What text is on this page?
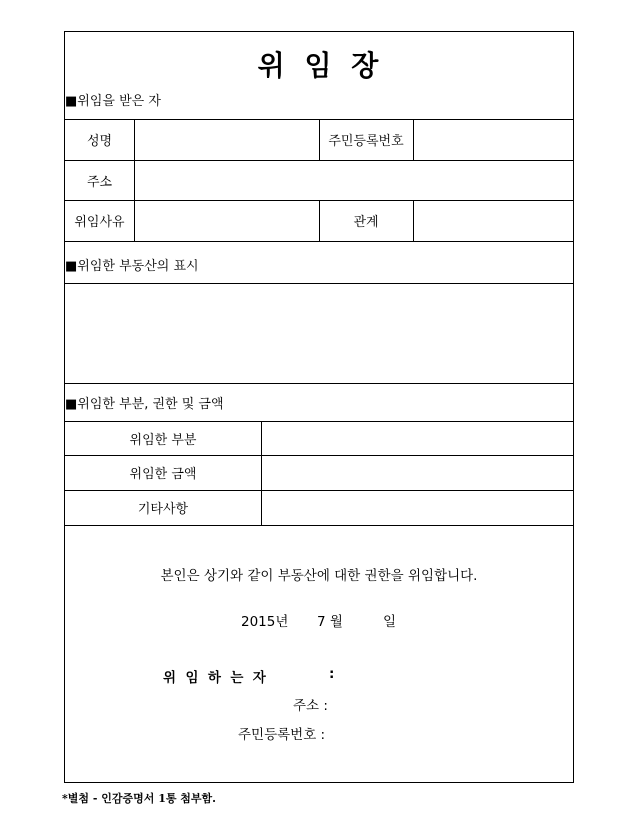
위 임 장
■위임을 받은 자
성명	주민등록번호
주소
위임사유	관계
■위임한 부동산의 표시
■위임한 부분, 권한 및 금액
위임한 부분
위임한 금액
기타사항
본인은 상기와 같이 부동산에 대한 권한을 위임합니다.
2015년 7 월	일
위  임  하  는  자	:
주소 :
주민등록번호 :
*별첨 - 인감증명서 1통 첨부함.
